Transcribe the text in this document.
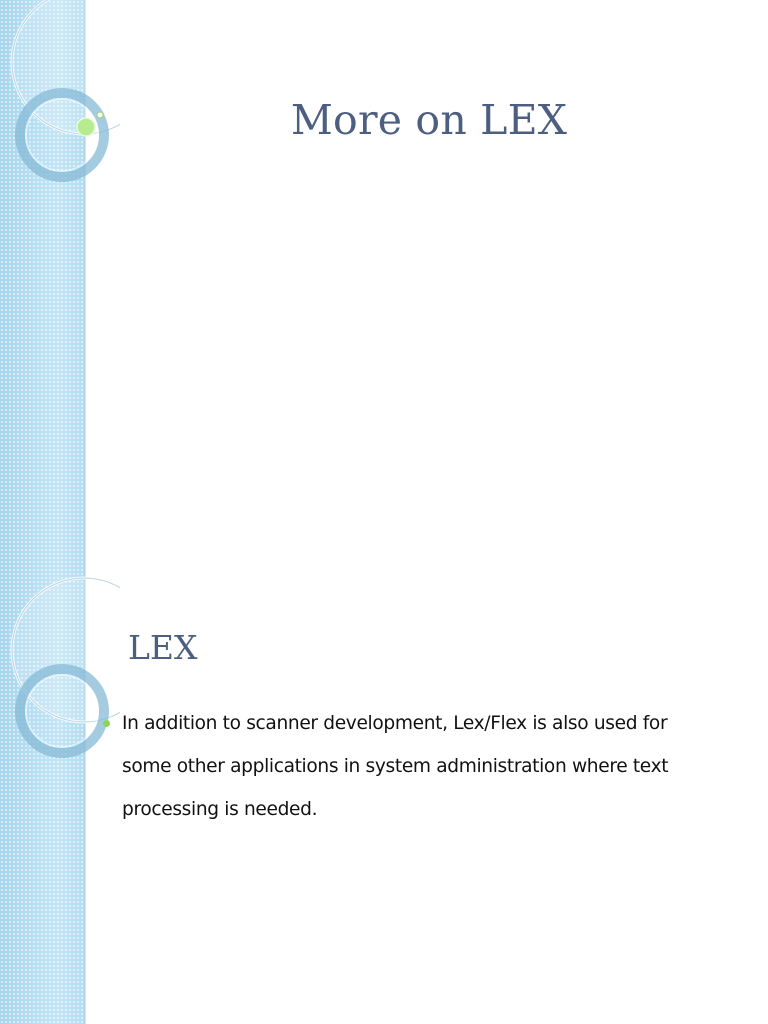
More on LEX
LEX
In addition to scanner development, Lex/Flex is also used for some other applications in system administration where text processing is needed.
